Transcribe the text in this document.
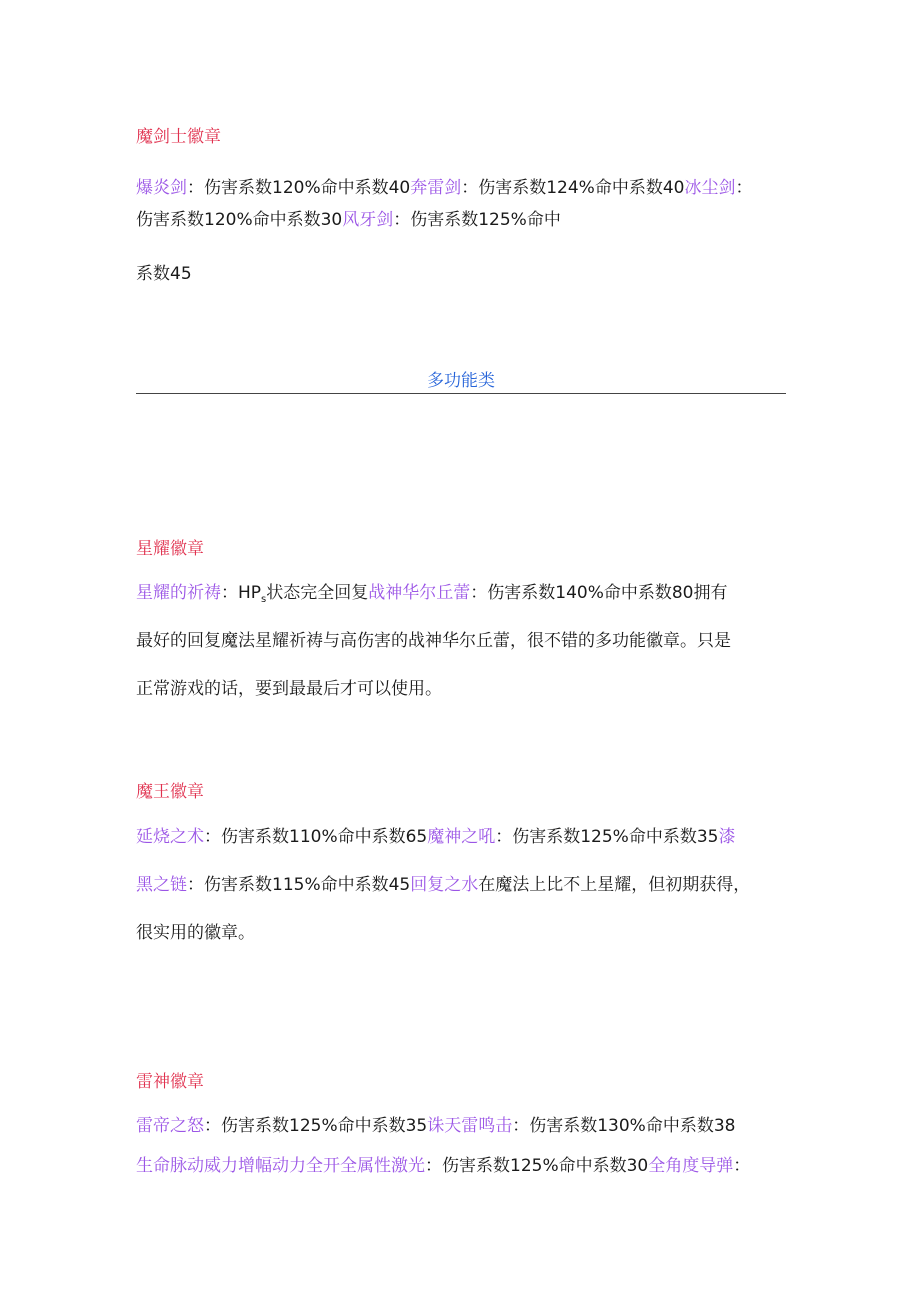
魔剑士徽章
爆炎剑：伤害系数120%命中系数40奔雷剑：伤害系数124%命中系数40冰尘剑：
伤害系数120%命中系数30风牙剑：伤害系数125%命中
系数45
多功能类
星耀徽章
星耀的祈祷：$HP_s$状态完全回复战神华尔丘蕾：伤害系数140%命中系数80拥有
最好的回复魔法星耀祈祷与高伤害的战神华尔丘蕾，很不错的多功能徽章。只是
正常游戏的话，要到最最后才可以使用。
魔王徽章
延烧之术：伤害系数110%命中系数65魔神之吼：伤害系数125%命中系数35漆
黑之链：伤害系数115%命中系数45回复之水在魔法上比不上星耀，但初期获得，
很实用的徽章。
雷神徽章
雷帝之怒：伤害系数125%命中系数35诛天雷鸣击：伤害系数130%命中系数38
生命脉动威力增幅动力全开全属性激光：伤害系数125%命中系数30全角度导弹：
